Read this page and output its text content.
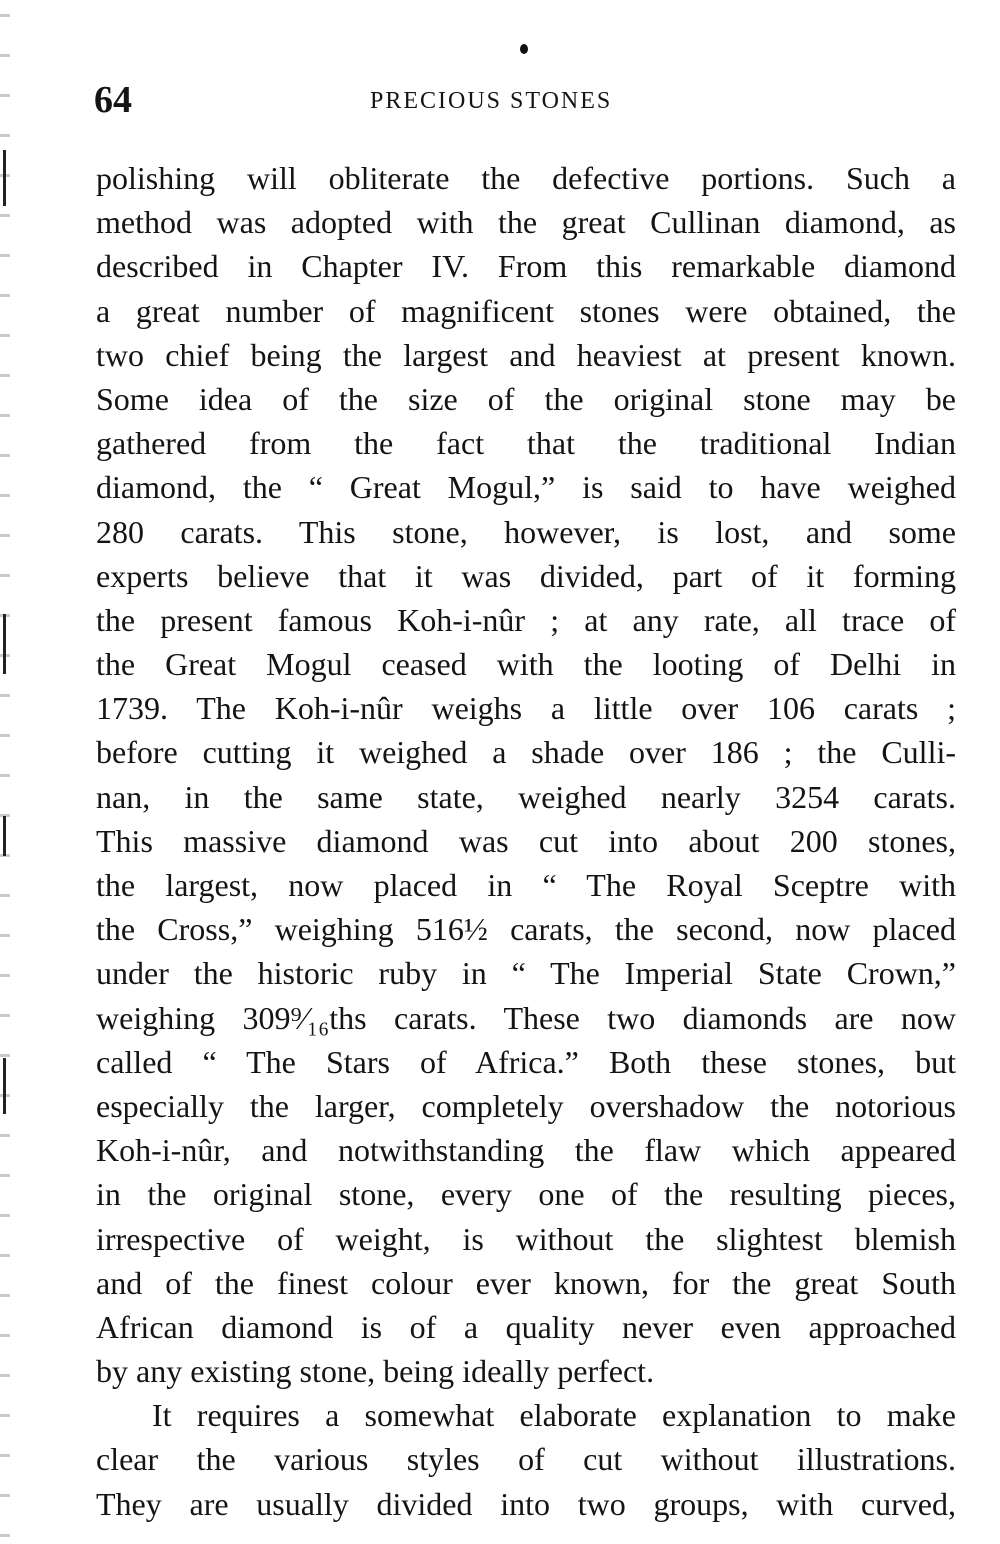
64	PRECIOUS STONES
polishing will obliterate the defective portions. Such a
method was adopted with the great Cullinan diamond, as
described in Chapter IV. From this remarkable diamond
a great number of magnificent stones were obtained, the
two chief being the largest and heaviest at present known.
Some idea of the size of the original stone may be
gathered from the fact that the traditional Indian
diamond, the “ Great Mogul,” is said to have weighed
280 carats. This stone, however, is lost, and some
experts believe that it was divided, part of it forming
the present famous Koh-i-nûr ; at any rate, all trace of
the Great Mogul ceased with the looting of Delhi in
1739. The Koh-i-nûr weighs a little over 106 carats ;
before cutting it weighed a shade over 186 ; the Culli-
nan, in the same state, weighed nearly 3254 carats.
This massive diamond was cut into about 200 stones,
the largest, now placed in “ The Royal Sceptre with
the Cross,” weighing 516½ carats, the second, now placed
under the historic ruby in “ The Imperial State Crown,”
weighing 309⁹⁄₁₆ths carats. These two diamonds are now
called “ The Stars of Africa.” Both these stones, but
especially the larger, completely overshadow the notorious
Koh-i-nûr, and notwithstanding the flaw which appeared
in the original stone, every one of the resulting pieces,
irrespective of weight, is without the slightest blemish
and of the finest colour ever known, for the great South
African diamond is of a quality never even approached
by any existing stone, being ideally perfect.
It requires a somewhat elaborate explanation to make
clear the various styles of cut without illustrations.
They are usually divided into two groups, with curved,
